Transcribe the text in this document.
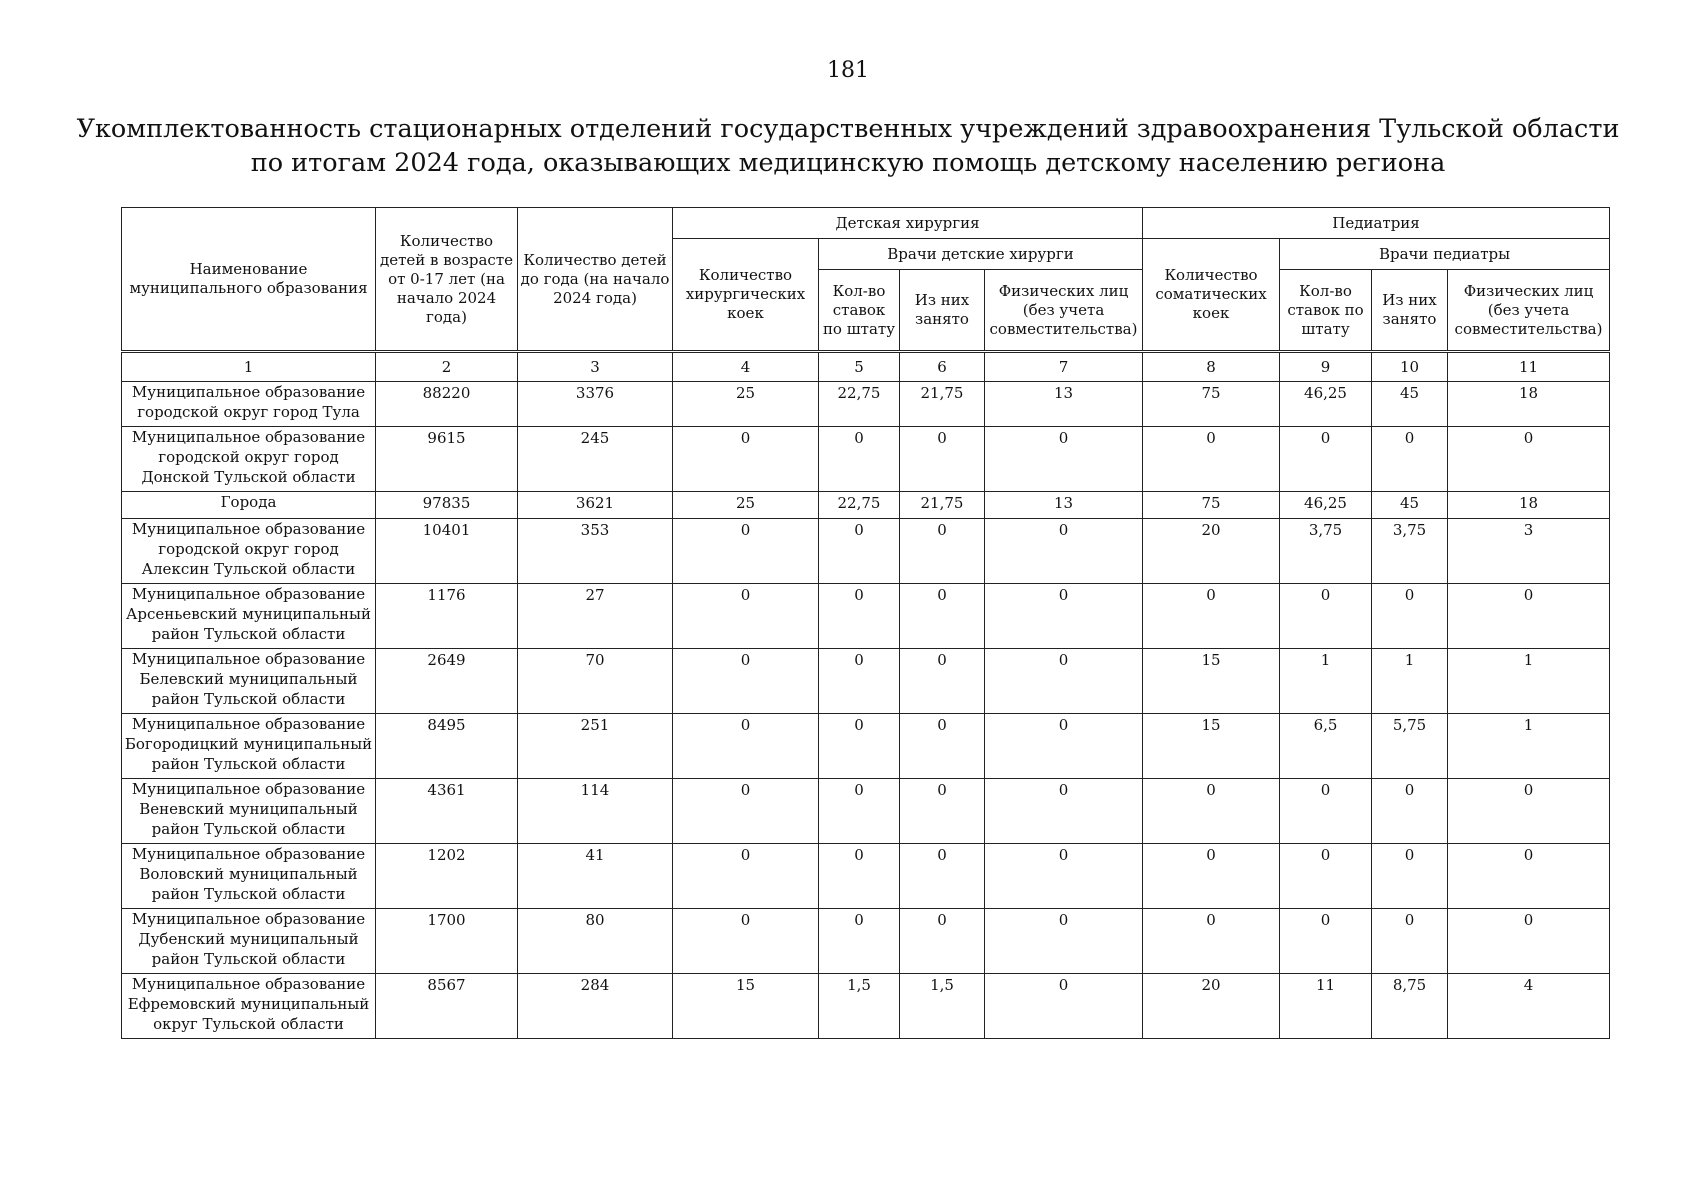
181
Укомплектованность стационарных отделений государственных учреждений здравоохранения Тульской области
по итогам 2024 года, оказывающих медицинскую помощь детскому населению региона
Наименование муниципального образования	Количество детей в возрасте от 0-17 лет (на начало 2024 года)	Количество детей до года (на начало 2024 года)	Детская хирургия				Педиатрия			
			Количество хирургических коек	Врачи детские хирурги			Количество соматических коек	Врачи педиатры		
				Кол-во ставок по штату	Из них занято	Физических лиц (без учета совместительства)		Кол-во ставок по штату	Из них занято	Физических лиц (без учета совместительства)
1	2	3	4	5	6	7	8	9	10	11
Муниципальное образование городской округ город Тула	88220	3376	25	22,75	21,75	13	75	46,25	45	18
Муниципальное образование городской округ город Донской Тульской области	9615	245	0	0	0	0	0	0	0	0
Города	97835	3621	25	22,75	21,75	13	75	46,25	45	18
Муниципальное образование городской округ город Алексин Тульской области	10401	353	0	0	0	0	20	3,75	3,75	3
Муниципальное образование Арсеньевский муниципальный район Тульской области	1176	27	0	0	0	0	0	0	0	0
Муниципальное образование Белевский муниципальный район Тульской области	2649	70	0	0	0	0	15	1	1	1
Муниципальное образование Богородицкий муниципальный район Тульской области	8495	251	0	0	0	0	15	6,5	5,75	1
Муниципальное образование Веневский муниципальный район Тульской области	4361	114	0	0	0	0	0	0	0	0
Муниципальное образование Воловский муниципальный район Тульской области	1202	41	0	0	0	0	0	0	0	0
Муниципальное образование Дубенский муниципальный район Тульской области	1700	80	0	0	0	0	0	0	0	0
Муниципальное образование Ефремовский муниципальный округ Тульской области	8567	284	15	1,5	1,5	0	20	11	8,75	4
